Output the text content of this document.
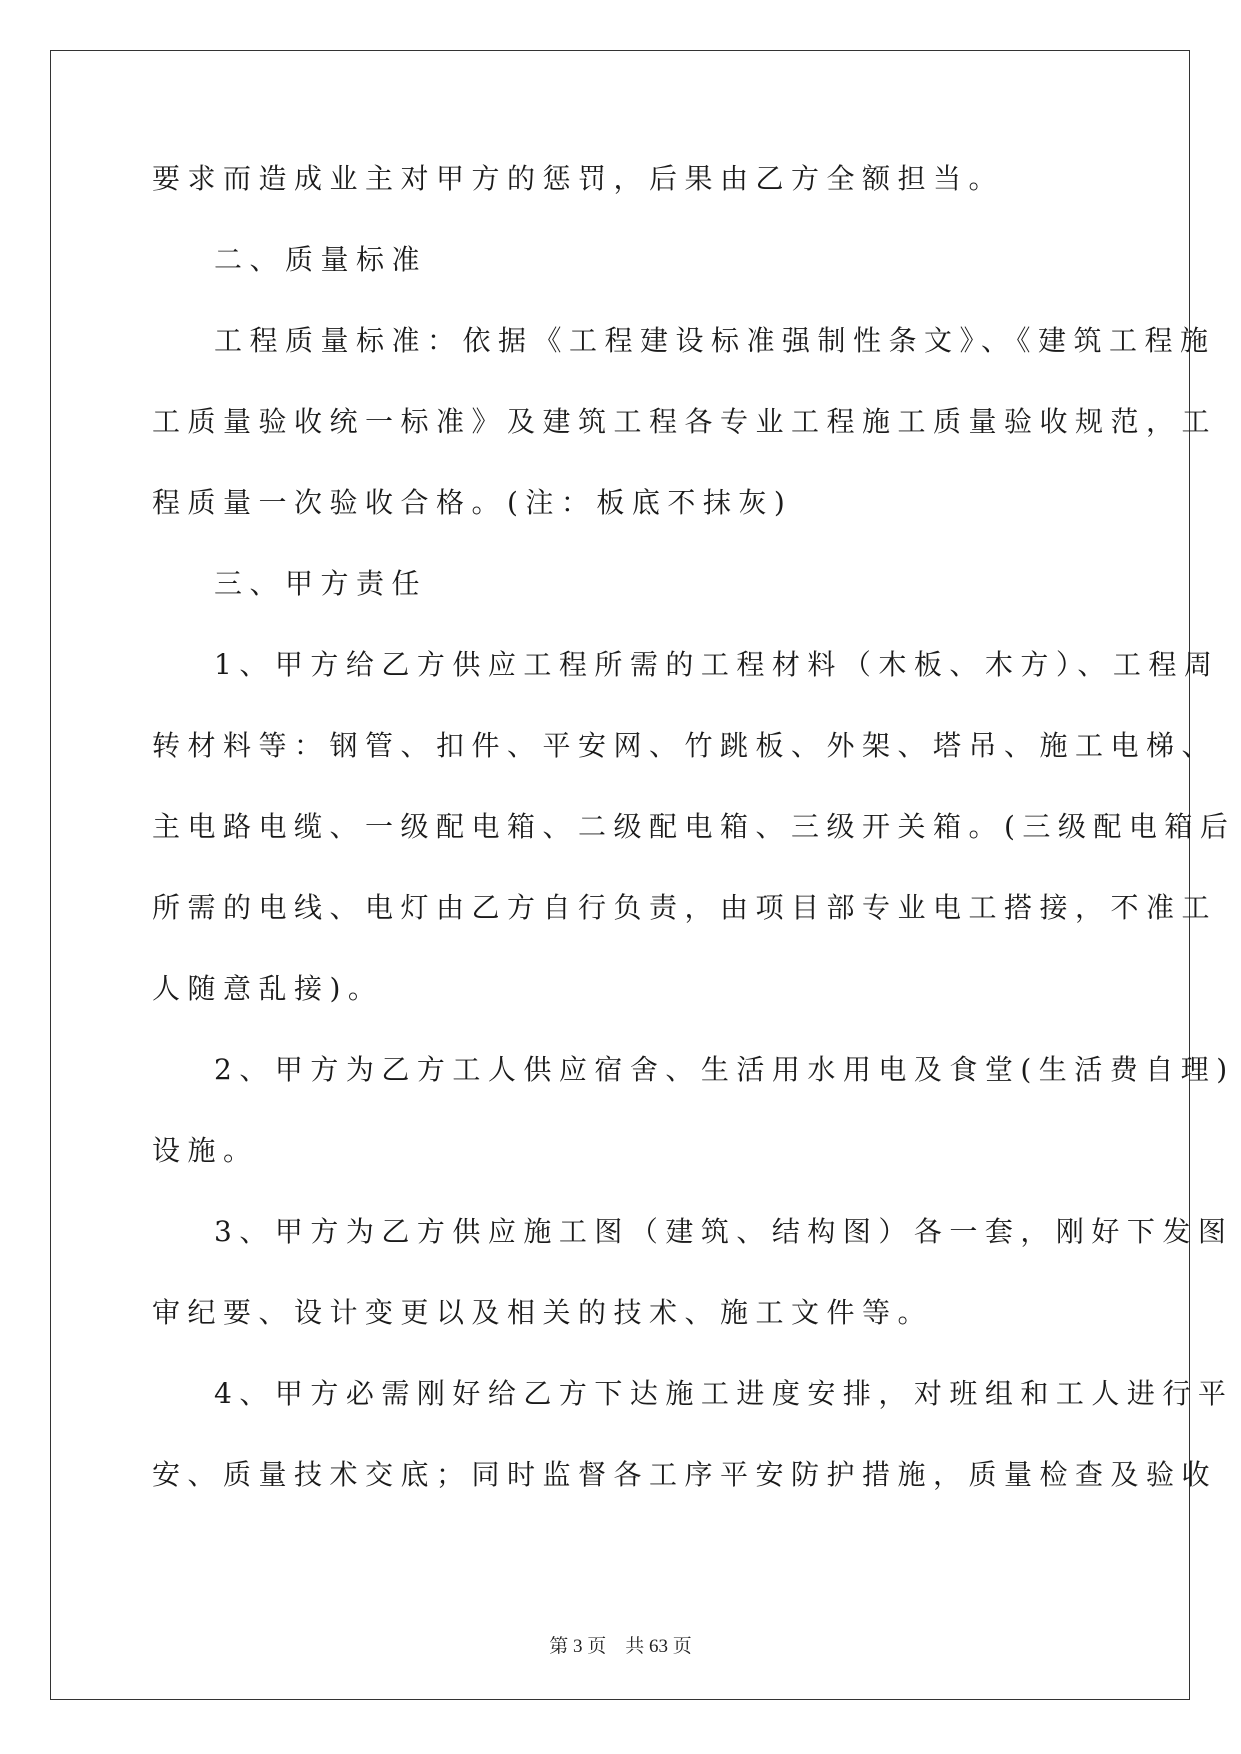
要求而造成业主对甲方的惩罚，后果由乙方全额担当。
二、质量标准
工程质量标准：依据《工程建设标准强制性条文》、《建筑工程施
工质量验收统一标准》及建筑工程各专业工程施工质量验收规范，工
程质量一次验收合格。(注：板底不抹灰)
三、甲方责任
1、甲方给乙方供应工程所需的工程材料（木板、木方）、工程周
转材料等：钢管、扣件、平安网、竹跳板、外架、塔吊、施工电梯、
主电路电缆、一级配电箱、二级配电箱、三级开关箱。(三级配电箱后
所需的电线、电灯由乙方自行负责，由项目部专业电工搭接，不准工
人随意乱接)。
2、甲方为乙方工人供应宿舍、生活用水用电及食堂(生活费自理)
设施。
3、甲方为乙方供应施工图（建筑、结构图）各一套，刚好下发图
审纪要、设计变更以及相关的技术、施工文件等。
4、甲方必需刚好给乙方下达施工进度安排，对班组和工人进行平
安、质量技术交底；同时监督各工序平安防护措施，质量检查及验收
第 3 页　共 63 页
